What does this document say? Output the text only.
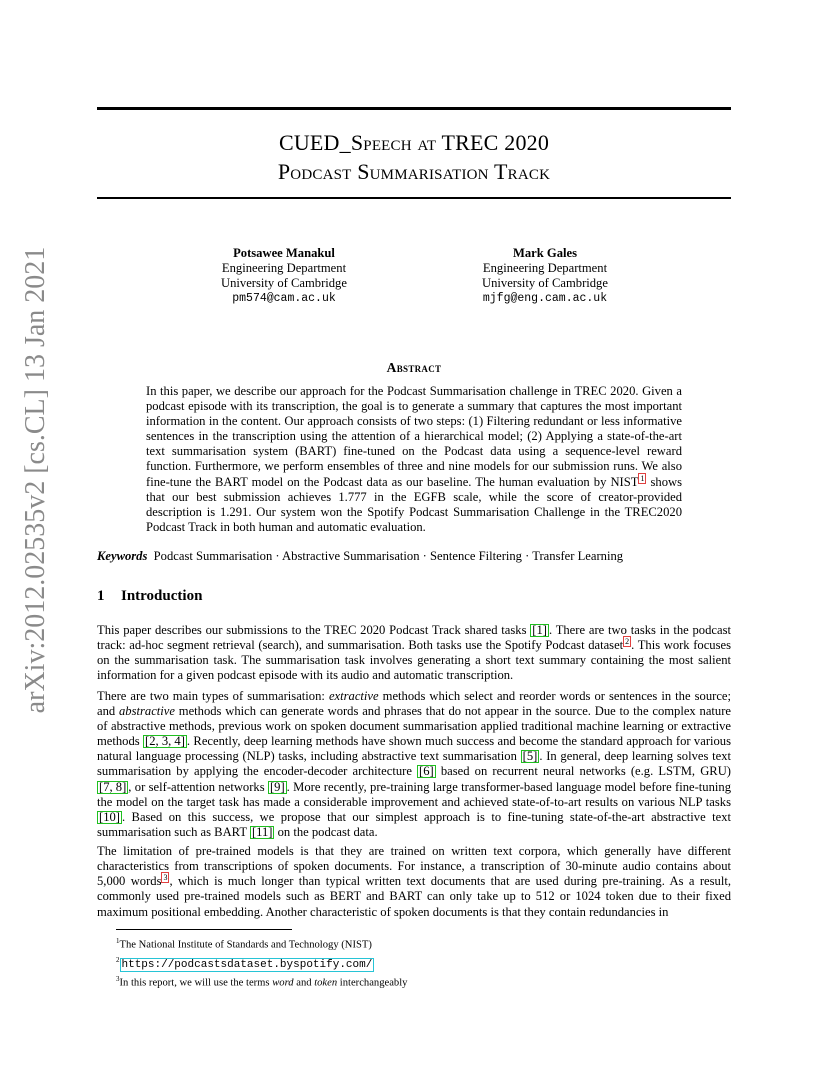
arXiv:2012.02535v2 [cs.CL] 13 Jan 2021
CUED_Speech at TREC 2020
Podcast Summarisation Track
Potsawee Manakul
Engineering Department
University of Cambridge
pm574@cam.ac.uk
Mark Gales
Engineering Department
University of Cambridge
mjfg@eng.cam.ac.uk
Abstract
In this paper, we describe our approach for the Podcast Summarisation challenge in TREC 2020. Given a podcast episode with its transcription, the goal is to generate a summary that captures the most important information in the content. Our approach consists of two steps: (1) Filtering redundant or less informative sentences in the transcription using the attention of a hierarchical model; (2) Applying a state-of-the-art text summarisation system (BART) fine-tuned on the Podcast data using a sequence-level reward function. Furthermore, we perform ensembles of three and nine models for our submission runs. We also fine-tune the BART model on the Podcast data as our baseline. The human evaluation by NIST $^1$ shows that our best submission achieves 1.777 in the EGFB scale, while the score of creator-provided description is 1.291. Our system won the Spotify Podcast Summarisation Challenge in the TREC2020 Podcast Track in both human and automatic evaluation.
Keywords Podcast Summarisation · Abstractive Summarisation · Sentence Filtering · Transfer Learning
1 Introduction
This paper describes our submissions to the TREC 2020 Podcast Track shared tasks [1] . There are two tasks in the podcast track: ad-hoc segment retrieval (search), and summarisation. Both tasks use the Spotify Podcast dataset $^2$ . This work focuses on the summarisation task. The summarisation task involves generating a short text summary containing the most salient information for a given podcast episode with its audio and automatic transcription.
There are two main types of summarisation: extractive methods which select and reorder words or sentences in the source; and abstractive methods which can generate words and phrases that do not appear in the source. Due to the complex nature of abstractive methods, previous work on spoken document summarisation applied traditional machine learning or extractive methods [2, 3, 4] . Recently, deep learning methods have shown much success and become the standard approach for various natural language processing (NLP) tasks, including abstractive text summarisation [5] . In general, deep learning solves text summarisation by applying the encoder-decoder architecture [6] based on recurrent neural networks (e.g. LSTM, GRU) [7, 8] , or self-attention networks [9] . More recently, pre-training large transformer-based language model before fine-tuning the model on the target task has made a considerable improvement and achieved state-of-to-art results on various NLP tasks [10] . Based on this success, we propose that our simplest approach is to fine-tuning state-of-the-art abstractive text summarisation such as BART [11] on the podcast data.
The limitation of pre-trained models is that they are trained on written text corpora, which generally have different characteristics from transcriptions of spoken documents. For instance, a transcription of 30-minute audio contains about 5,000 words $^3$ , which is much longer than typical written text documents that are used during pre-training. As a result, commonly used pre-trained models such as BERT and BART can only take up to 512 or 1024 token due to their fixed maximum positional embedding. Another characteristic of spoken documents is that they contain redundancies in
$^1$The National Institute of Standards and Technology (NIST)
$^2$ https://podcastsdataset.byspotify.com/
$^3$In this report, we will use the terms word and token interchangeably
